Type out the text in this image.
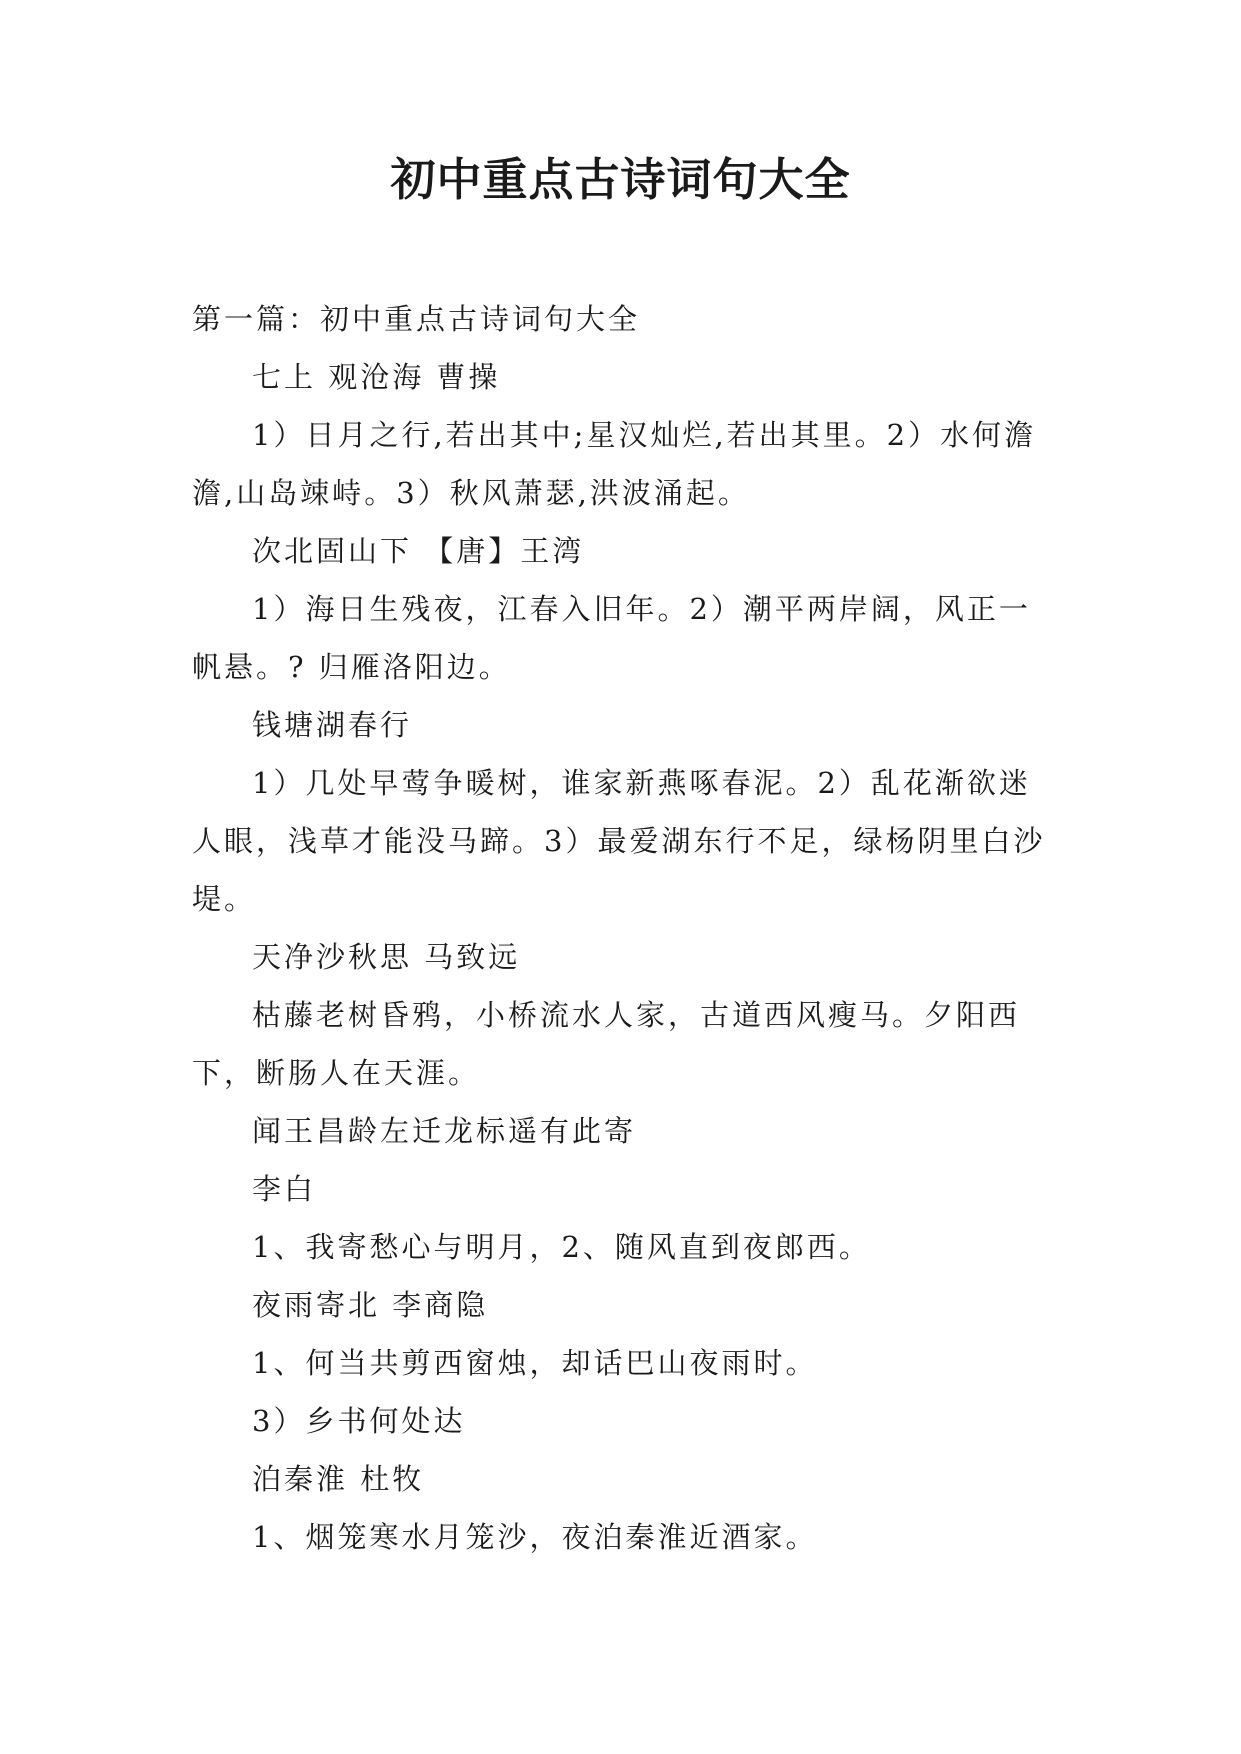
初中重点古诗词句大全

第一篇：初中重点古诗词句大全

七上 观沧海 曹操

1）日月之行,若出其中;星汉灿烂,若出其里。2）水何澹澹,山岛竦峙。3）秋风萧瑟,洪波涌起。

次北固山下 【唐】王湾

1）海日生残夜，江春入旧年。2）潮平两岸阔，风正一帆悬。? 归雁洛阳边。

钱塘湖春行

1）几处早莺争暖树，谁家新燕啄春泥。2）乱花渐欲迷人眼，浅草才能没马蹄。3）最爱湖东行不足，绿杨阴里白沙堤。

天净沙秋思 马致远

枯藤老树昏鸦，小桥流水人家，古道西风瘦马。夕阳西下，断肠人在天涯。

闻王昌龄左迁龙标遥有此寄

李白

1、我寄愁心与明月，2、随风直到夜郎西。

夜雨寄北 李商隐

1、何当共剪西窗烛，却话巴山夜雨时。

3）乡书何处达

泊秦淮 杜牧

1、烟笼寒水月笼沙，夜泊秦淮近酒家。
